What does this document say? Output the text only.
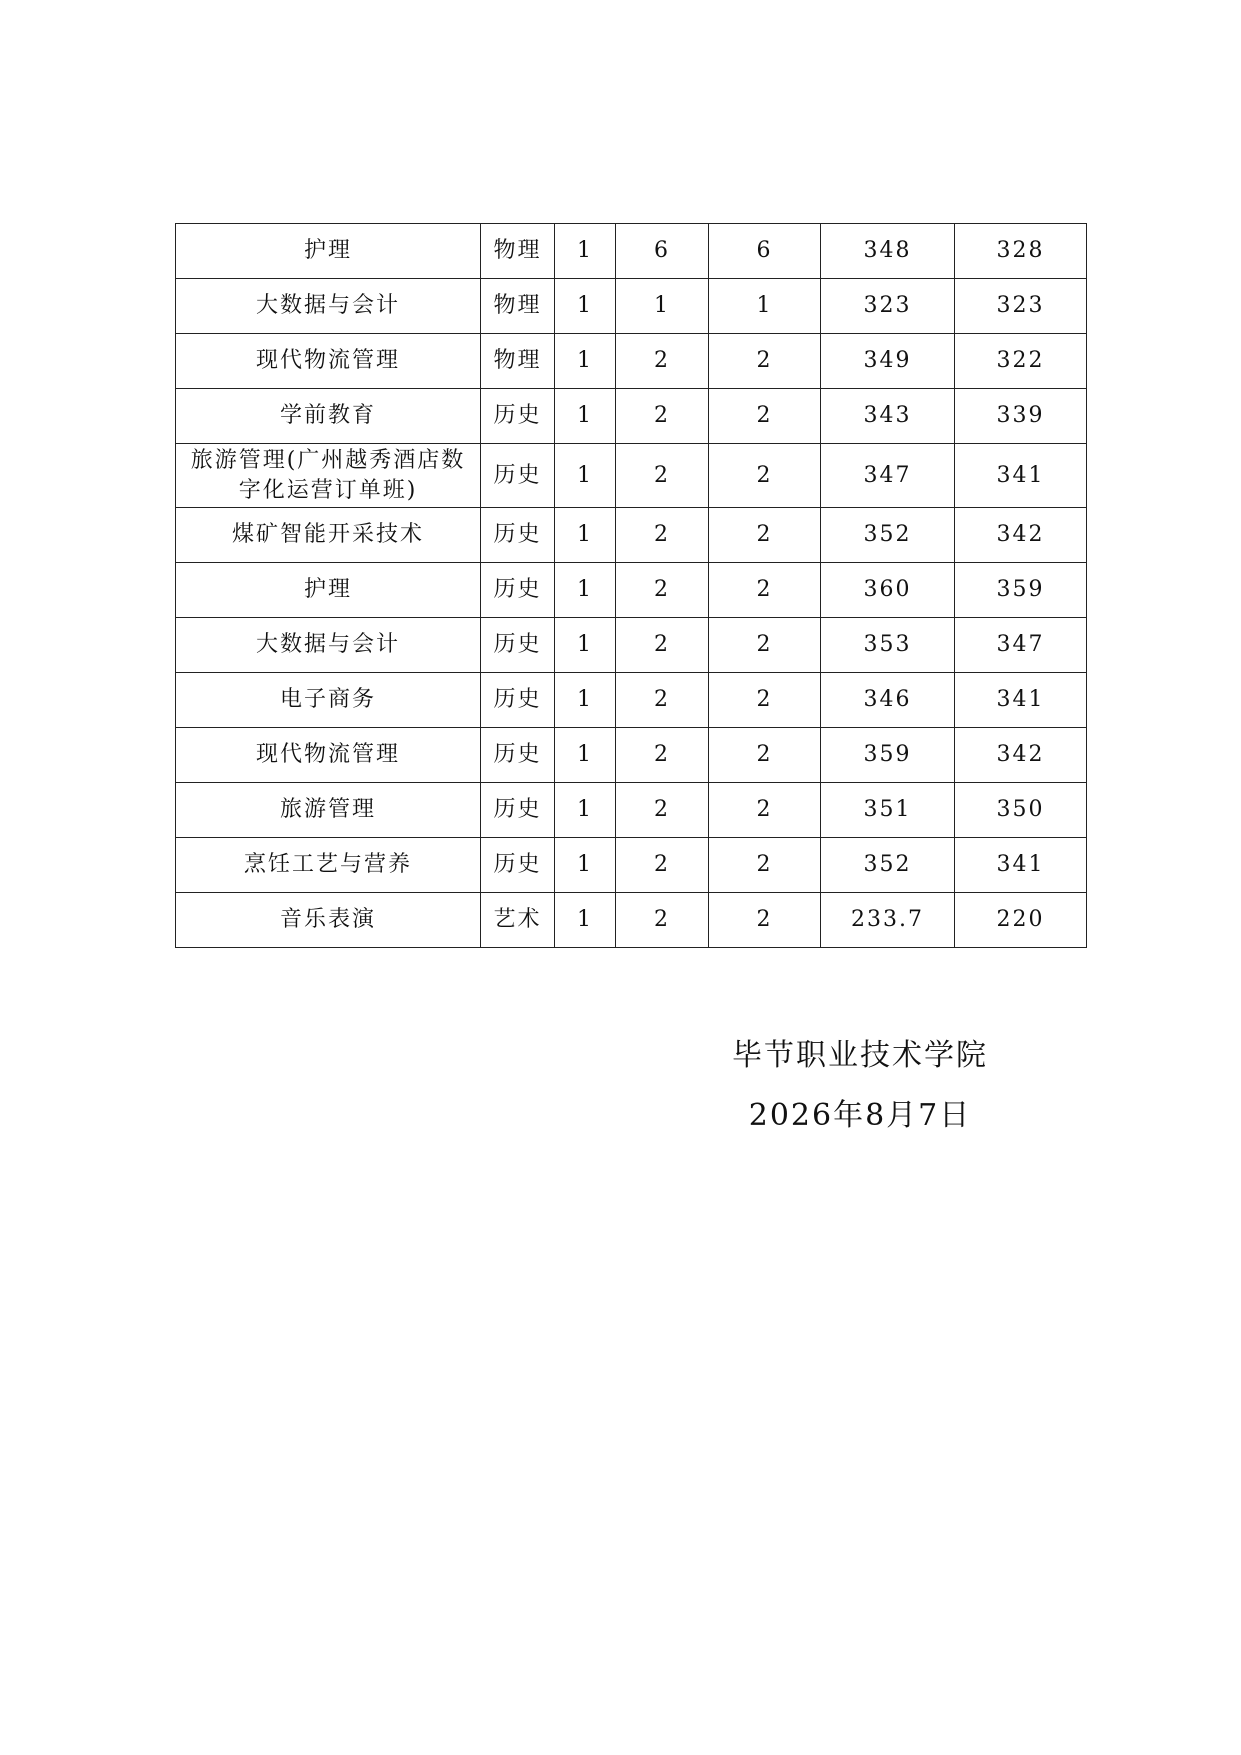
护理	物理	1	6	6	348	328
大数据与会计	物理	1	1	1	323	323
现代物流管理	物理	1	2	2	349	322
学前教育	历史	1	2	2	343	339
旅游管理(广州越秀酒店数字化运营订单班)	历史	1	2	2	347	341
煤矿智能开采技术	历史	1	2	2	352	342
护理	历史	1	2	2	360	359
大数据与会计	历史	1	2	2	353	347
电子商务	历史	1	2	2	346	341
现代物流管理	历史	1	2	2	359	342
旅游管理	历史	1	2	2	351	350
烹饪工艺与营养	历史	1	2	2	352	341
音乐表演	艺术	1	2	2	233.7	220
毕节职业技术学院
2026年8月7日
